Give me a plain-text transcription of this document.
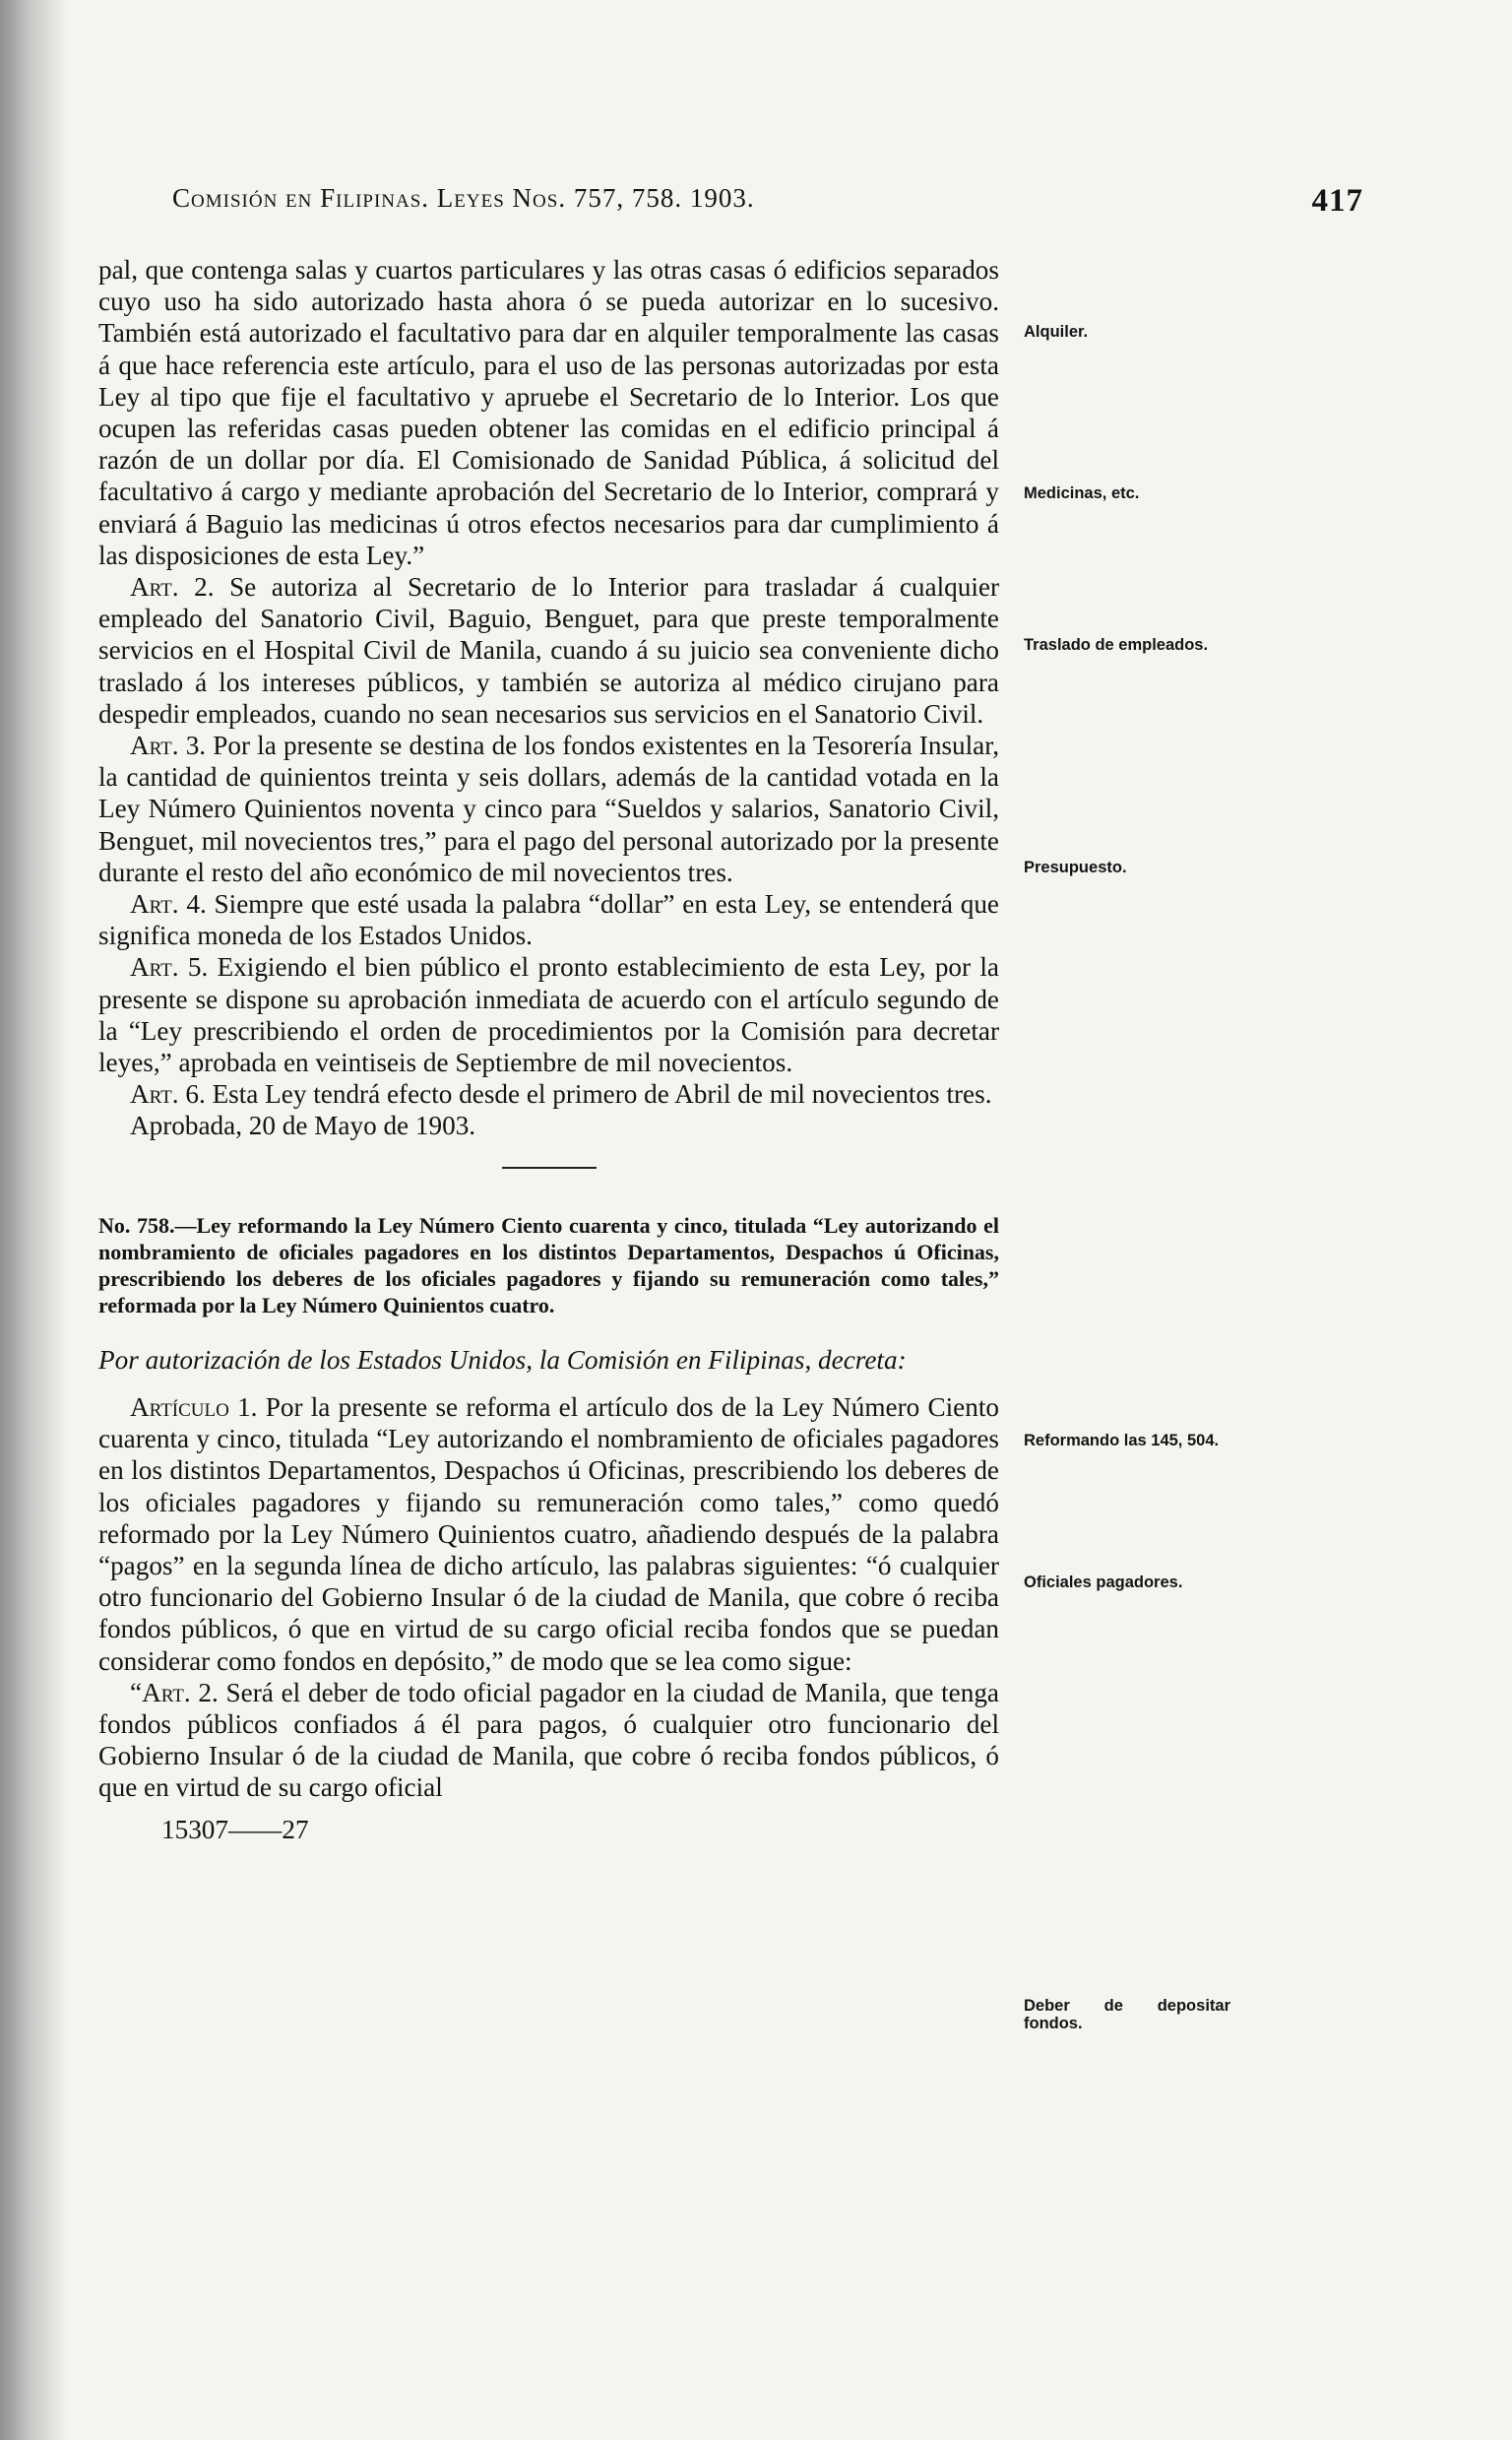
Comisión en Filipinas. Leyes Nos. 757, 758. 1903.	417

pal, que contenga salas y cuartos particulares y las otras casas ó edificios separados cuyo uso ha sido autorizado hasta ahora ó se pueda autorizar en lo sucesivo. También está autorizado el facultativo para dar en alquiler temporalmente las casas á que hace referencia este artículo, para el uso de las personas autorizadas por esta Ley al tipo que fije el facultativo y apruebe el Secretario de lo Interior. Los que ocupen las referidas casas pueden obtener las comidas en el edificio principal á razón de un dollar por día. El Comisionado de Sanidad Pública, á solicitud del facultativo á cargo y mediante aprobación del Secretario de lo Interior, comprará y enviará á Baguio las medicinas ú otros efectos necesarios para dar cumplimiento á las disposiciones de esta Ley.”

Art. 2. Se autoriza al Secretario de lo Interior para trasladar á cualquier empleado del Sanatorio Civil, Baguio, Benguet, para que preste temporalmente servicios en el Hospital Civil de Manila, cuando á su juicio sea conveniente dicho traslado á los intereses públicos, y también se autoriza al médico cirujano para despedir empleados, cuando no sean necesarios sus servicios en el Sanatorio Civil.

Art. 3. Por la presente se destina de los fondos existentes en la Tesorería Insular, la cantidad de quinientos treinta y seis dollars, además de la cantidad votada en la Ley Número Quinientos noventa y cinco para “Sueldos y salarios, Sanatorio Civil, Benguet, mil novecientos tres,” para el pago del personal autorizado por la presente durante el resto del año económico de mil novecientos tres.

Art. 4. Siempre que esté usada la palabra “dollar” en esta Ley, se entenderá que significa moneda de los Estados Unidos.

Art. 5. Exigiendo el bien público el pronto establecimiento de esta Ley, por la presente se dispone su aprobación inmediata de acuerdo con el artículo segundo de la “Ley prescribiendo el orden de procedimientos por la Comisión para decretar leyes,” aprobada en veintiseis de Septiembre de mil novecientos.

Art. 6. Esta Ley tendrá efecto desde el primero de Abril de mil novecientos tres.

Aprobada, 20 de Mayo de 1903.

No. 758.—Ley reformando la Ley Número Ciento cuarenta y cinco, titulada “Ley autorizando el nombramiento de oficiales pagadores en los distintos Departamentos, Despachos ú Oficinas, prescribiendo los deberes de los oficiales pagadores y fijando su remuneración como tales,” reformada por la Ley Número Quinientos cuatro.

Por autorización de los Estados Unidos, la Comisión en Filipinas, decreta:

Artículo 1. Por la presente se reforma el artículo dos de la Ley Número Ciento cuarenta y cinco, titulada “Ley autorizando el nombramiento de oficiales pagadores en los distintos Departamentos, Despachos ú Oficinas, prescribiendo los deberes de los oficiales pagadores y fijando su remuneración como tales,” como quedó reformado por la Ley Número Quinientos cuatro, añadiendo después de la palabra “pagos” en la segunda línea de dicho artículo, las palabras siguientes: “ó cualquier otro funcionario del Gobierno Insular ó de la ciudad de Manila, que cobre ó reciba fondos públicos, ó que en virtud de su cargo oficial reciba fondos que se puedan considerar como fondos en depósito,” de modo que se lea como sigue:

“Art. 2. Será el deber de todo oficial pagador en la ciudad de Manila, que tenga fondos públicos confiados á él para pagos, ó cualquier otro funcionario del Gobierno Insular ó de la ciudad de Manila, que cobre ó reciba fondos públicos, ó que en virtud de su cargo oficial

15307——27

Alquiler.
Medicinas, etc.
Traslado de empleados.
Presupuesto.
Reformando las 145, 504.
Oficiales pagadores.
Deber de depositar fondos.
